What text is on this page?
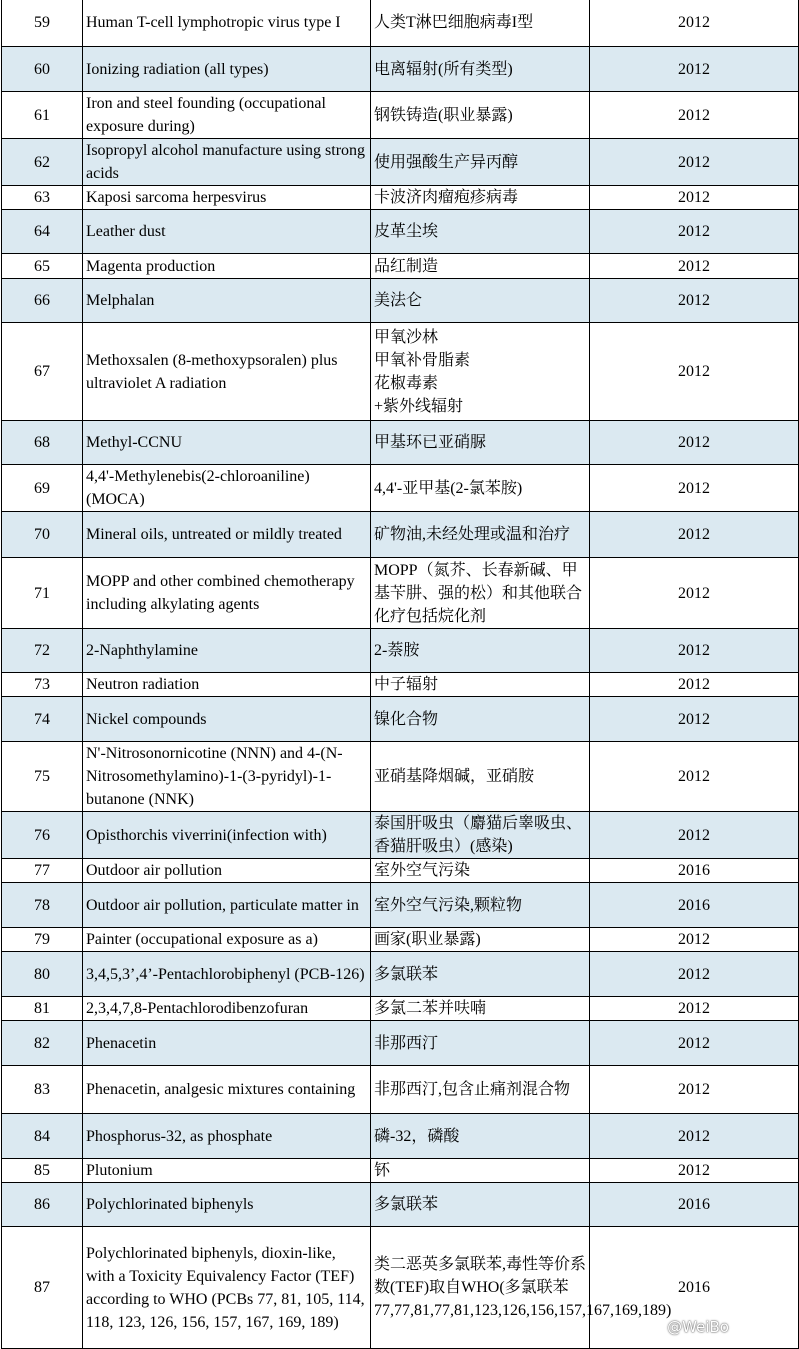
59	Human T-cell lymphotropic virus type I	人类T淋巴细胞病毒I型	2012
60	Ionizing radiation (all types)	电离辐射(所有类型)	2012
61	Iron and steel founding (occupational exposure during)	钢铁铸造(职业暴露)	2012
62	Isopropyl alcohol manufacture using strong acids	使用强酸生产异丙醇	2012
63	Kaposi sarcoma herpesvirus	卡波济肉瘤疱疹病毒	2012
64	Leather dust	皮革尘埃	2012
65	Magenta production	品红制造	2012
66	Melphalan	美法仑	2012
67	Methoxsalen (8-methoxypsoralen) plus ultraviolet A radiation	甲氧沙林
甲氧补骨脂素
花椒毒素
+紫外线辐射	2012
68	Methyl-CCNU	甲基环已亚硝脲	2012
69	4,4'-Methylenebis(2-chloroaniline) (MOCA)	4,4'-亚甲基(2-氯苯胺)	2012
70	Mineral oils, untreated or mildly treated	矿物油,未经处理或温和治疗	2012
71	MOPP and other combined chemotherapy including alkylating agents	MOPP（氮芥、长春新碱、甲基苄肼、强的松）和其他联合化疗包括烷化剂	2012
72	2-Naphthylamine	2-萘胺	2012
73	Neutron radiation	中子辐射	2012
74	Nickel compounds	镍化合物	2012
75	N'-Nitrosonornicotine (NNN) and 4-(N-Nitrosomethylamino)-1-(3-pyridyl)-1-butanone (NNK)	亚硝基降烟碱，亚硝胺	2012
76	Opisthorchis viverrini(infection with)	泰国肝吸虫（麝猫后睾吸虫、香猫肝吸虫）(感染)	2012
77	Outdoor air pollution	室外空气污染	2016
78	Outdoor air pollution, particulate matter in	室外空气污染,颗粒物	2016
79	Painter (occupational exposure as a)	画家(职业暴露)	2012
80	3,4,5,3’,4’-Pentachlorobiphenyl (PCB-126)	多氯联苯	2012
81	2,3,4,7,8-Pentachlorodibenzofuran	多氯二苯并呋喃	2012
82	Phenacetin	非那西汀	2012
83	Phenacetin, analgesic mixtures containing	非那西汀,包含止痛剂混合物	2012
84	Phosphorus-32, as phosphate	磷-32，磷酸	2012
85	Plutonium	钚	2012
86	Polychlorinated biphenyls	多氯联苯	2016
87	Polychlorinated biphenyls, dioxin-like, with a Toxicity Equivalency Factor (TEF) according to WHO (PCBs 77, 81, 105, 114, 118, 123, 126, 156, 157, 167, 169, 189)	类二恶英多氯联苯,毒性等价系数(TEF)取自WHO(多氯联苯77,77,81,77,81,123,126,156,157,167,169,189)	2016
@WeiBo
